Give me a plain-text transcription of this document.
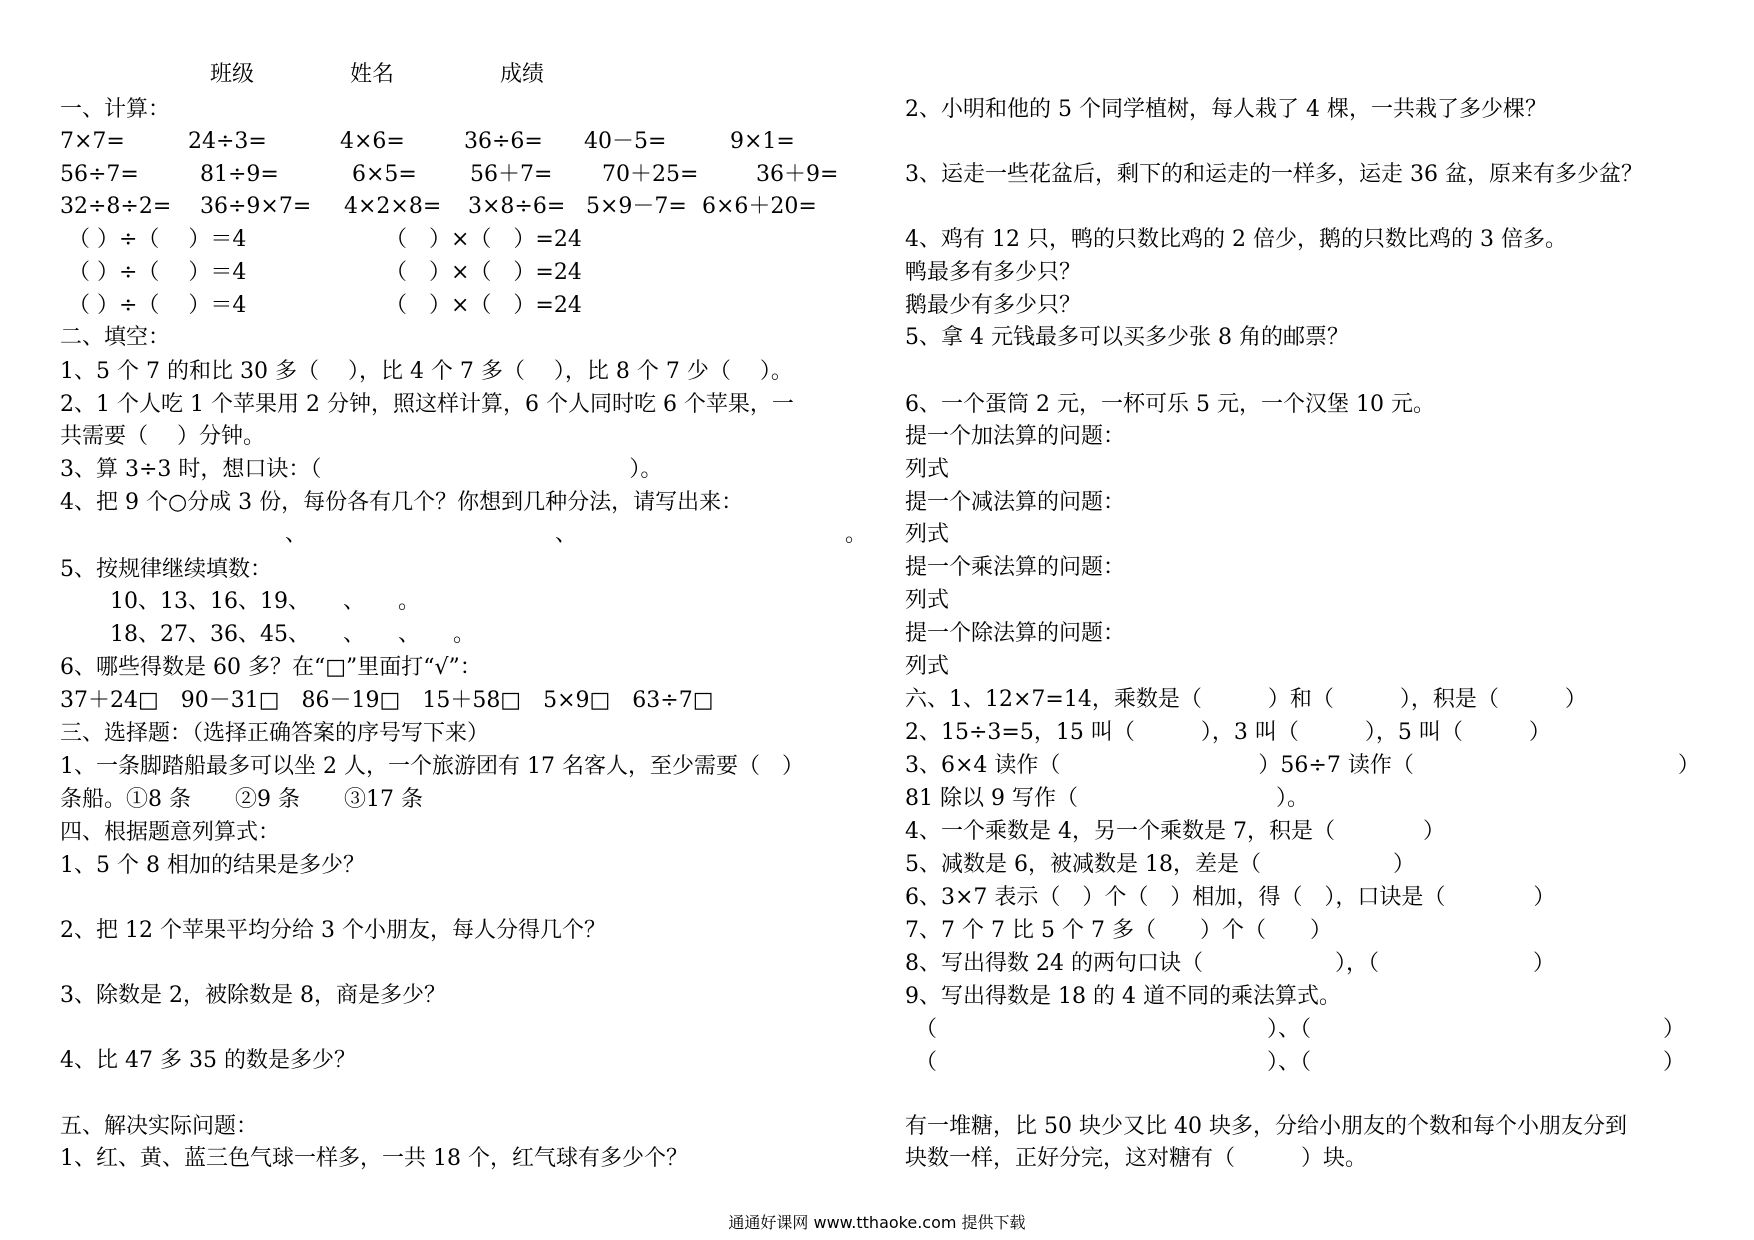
班级	姓名	成绩
一、计算：
7×7=	24÷3=	4×6=	36÷6= 40－5=	9×1=
56÷7=	81÷9=	6×5= 56＋7= 70＋25=	36＋9=
32÷8÷2= 36÷9×7= 4×2×8= 3×8÷6= 5×9－7= 6×6＋20=
（ ）÷（　 ）＝4	（　）×（　）=24
（ ）÷（　 ）＝4	（　）×（　）=24
（ ）÷（　 ）＝4	（　）×（　）=24
二、填空：
1、5 个 7 的和比 30 多（　 ），比 4 个 7 多（　 ），比 8 个 7 少（　 ）。
2、1 个人吃 1 个苹果用 2 分钟，照这样计算，6 个人同时吃 6 个苹果，一
共需要（　 ）分钟。
3、算 3÷3 时，想口诀：（　　　　　　　　　　　　　　）。
4、把 9 个○分成 3 份，每份各有几个？你想到几种分法，请写出来：
、	、	。
5、按规律继续填数：
10、13、16、19、　　、　　。
18、27、36、45、　　、　　、　　。
6、哪些得数是 60 多？在“□”里面打“√”：
37＋24□　90－31□　86－19□　15＋58□　5×9□　63÷7□
三、选择题：（选择正确答案的序号写下来）
1、一条脚踏船最多可以坐 2 人，一个旅游团有 17 名客人，至少需要（　）
条船。①8 条　　②9 条　　③17 条
四、根据题意列算式：
1、5 个 8 相加的结果是多少？
2、把 12 个苹果平均分给 3 个小朋友，每人分得几个？
3、除数是 2，被除数是 8，商是多少？
4、比 47 多 35 的数是多少？
五、解决实际问题：
1、红、黄、蓝三色气球一样多，一共 18 个，红气球有多少个？
2、小明和他的 5 个同学植树，每人栽了 4 棵，一共栽了多少棵？
3、运走一些花盆后，剩下的和运走的一样多，运走 36 盆，原来有多少盆？
4、鸡有 12 只，鸭的只数比鸡的 2 倍少，鹅的只数比鸡的 3 倍多。
鸭最多有多少只？
鹅最少有多少只？
5、拿 4 元钱最多可以买多少张 8 角的邮票？
6、一个蛋筒 2 元，一杯可乐 5 元，一个汉堡 10 元。
提一个加法算的问题：
列式
提一个减法算的问题：
列式
提一个乘法算的问题：
列式
提一个除法算的问题：
列式
六、1、12×7=14，乘数是（　　　）和（　　　），积是（　　　）
2、15÷3=5，15 叫（　　　），3 叫（　　　），5 叫（　　　）
3、6×4 读作（　　　　　　　　　）56÷7 读作（　　　　　　　　　　　　）
81 除以 9 写作（　　　　　　　　　）。
4、一个乘数是 4，另一个乘数是 7，积是（　　　　）
5、减数是 6，被减数是 18，差是（　　　　　　）
6、3×7 表示（　）个（　）相加，得（　），口诀是（　　　　）
7、7 个 7 比 5 个 7 多（　　）个（　　）
8、写出得数 24 的两句口诀（　　　　　　），（　　　　　　　）
9、写出得数是 18 的 4 道不同的乘法算式。
（　　　　　　　　　　　　　　　）、（　　　　　　　　　　　　　　　　）
（　　　　　　　　　　　　　　　）、（　　　　　　　　　　　　　　　　）
有一堆糖，比 50 块少又比 40 块多，分给小朋友的个数和每个小朋友分到
块数一样，正好分完，这对糖有（　　　）块。
通通好课网 www.tthaoke.com 提供下载
